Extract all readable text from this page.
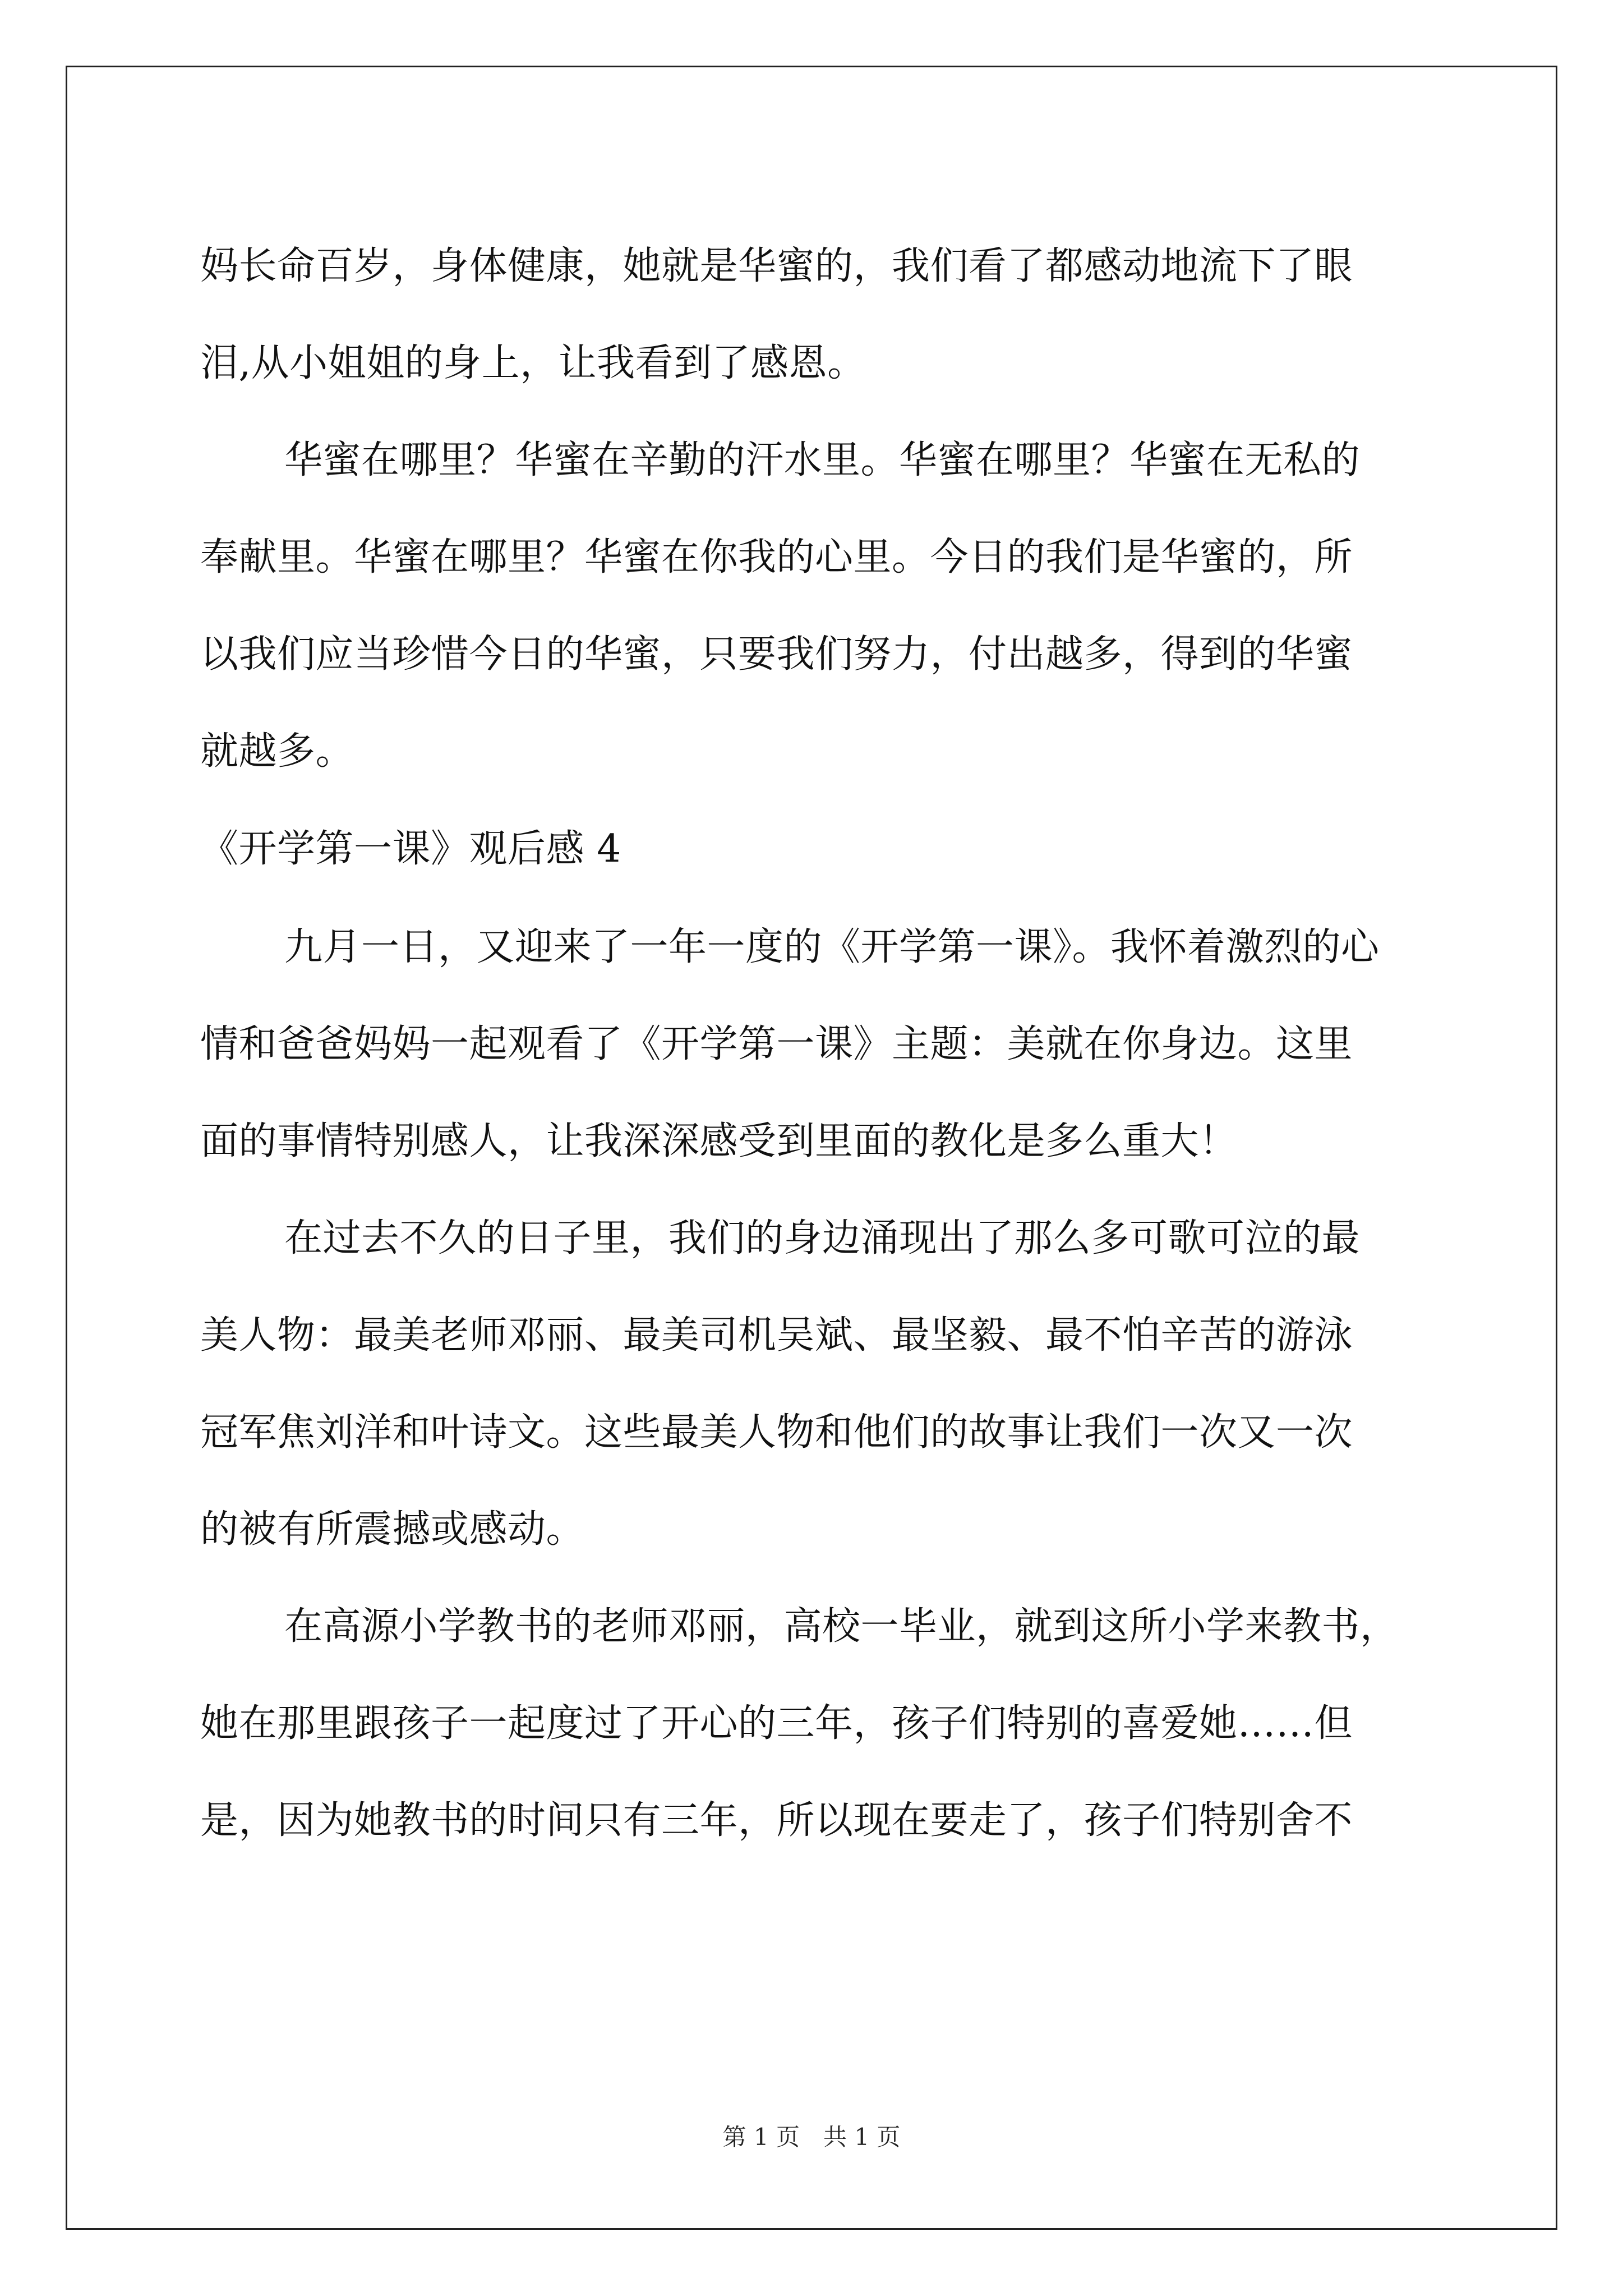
妈长命百岁，身体健康，她就是华蜜的，我们看了都感动地流下了眼
泪,从小姐姐的身上，让我看到了感恩。
华蜜在哪里？华蜜在辛勤的汗水里。华蜜在哪里？华蜜在无私的
奉献里。华蜜在哪里？华蜜在你我的心里。今日的我们是华蜜的，所
以我们应当珍惜今日的华蜜，只要我们努力，付出越多，得到的华蜜
就越多。
《开学第一课》观后感 4
九月一日，又迎来了一年一度的《开学第一课》。我怀着激烈的心
情和爸爸妈妈一起观看了《开学第一课》主题：美就在你身边。这里
面的事情特别感人，让我深深感受到里面的教化是多么重大！
在过去不久的日子里，我们的身边涌现出了那么多可歌可泣的最
美人物：最美老师邓丽、最美司机吴斌、最坚毅、最不怕辛苦的游泳
冠军焦刘洋和叶诗文。这些最美人物和他们的故事让我们一次又一次
的被有所震撼或感动。
在高源小学教书的老师邓丽，高校一毕业，就到这所小学来教书，
她在那里跟孩子一起度过了开心的三年，孩子们特别的喜爱她……但
是，因为她教书的时间只有三年，所以现在要走了，孩子们特别舍不
第 1 页　共 1 页
